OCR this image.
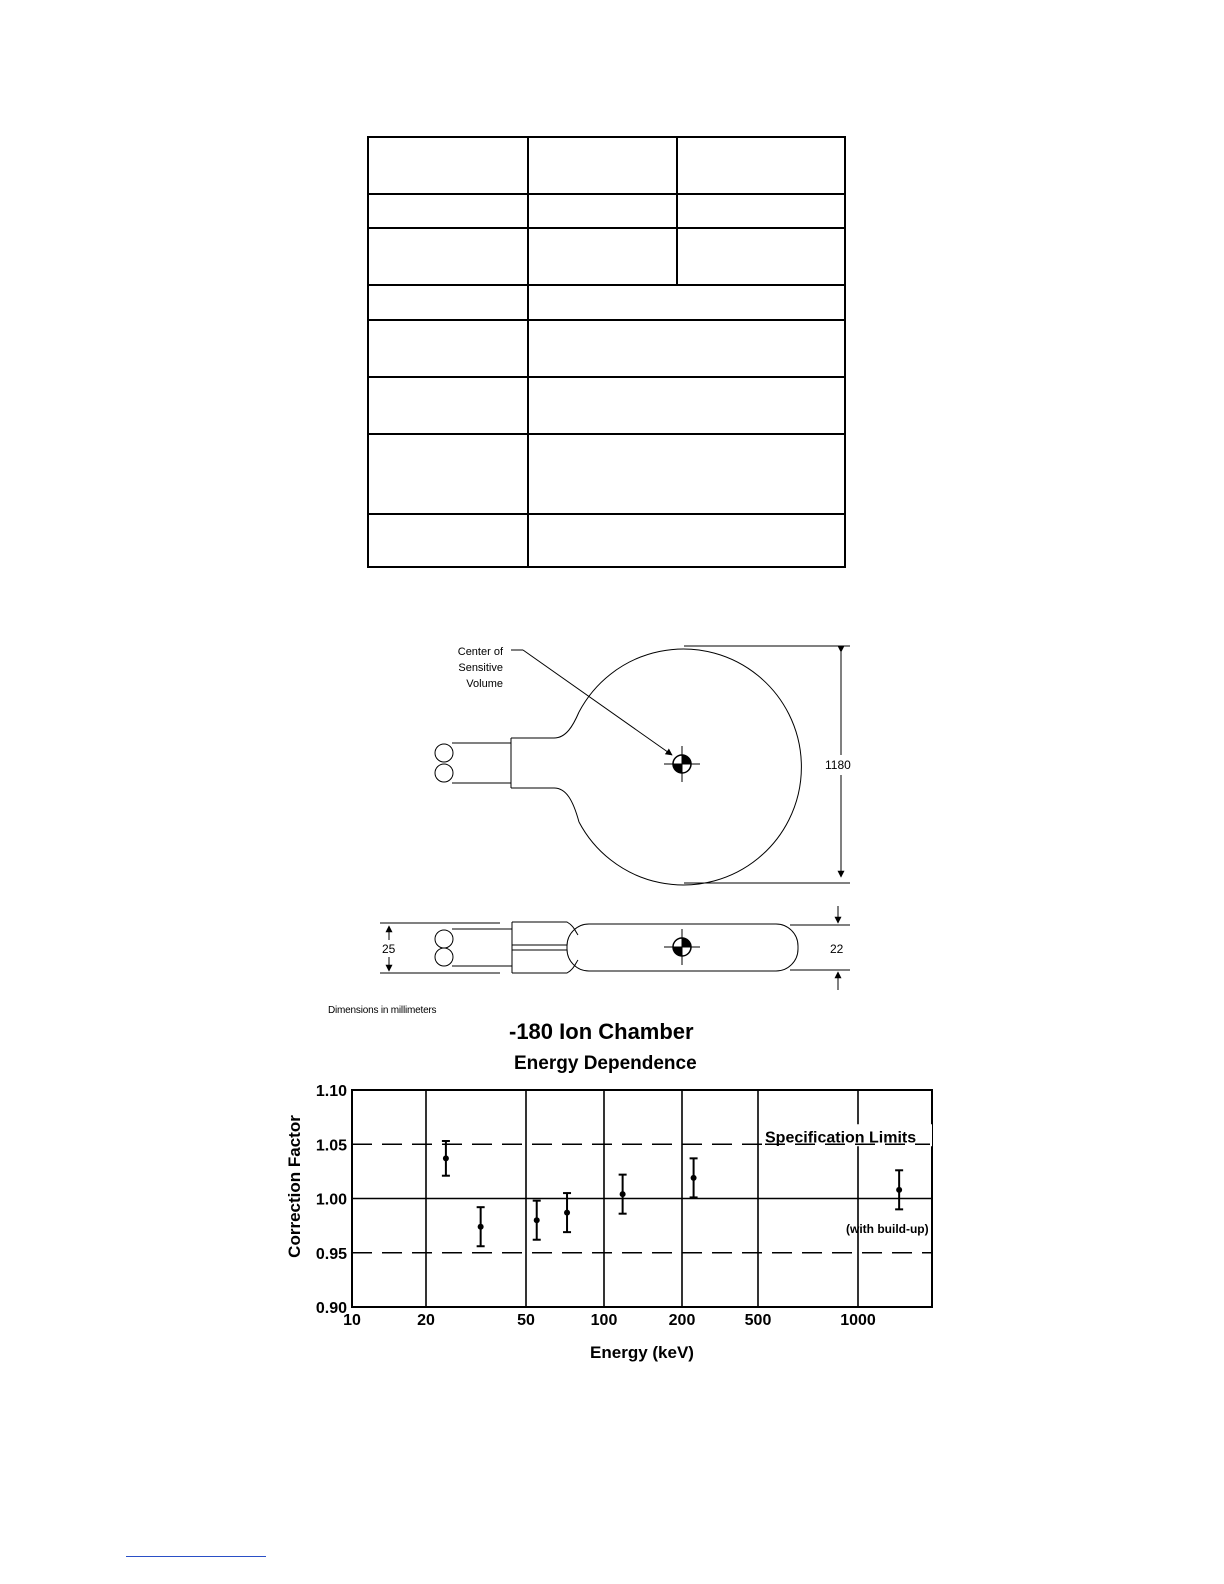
Center of
Sensitive
Volume
1180
25	22
10	20	50	100	200	500	1000
0.90
0.95
1.00
1.05
1.10
Specification Limits
(with build-up)
Energy (keV)
Correction Factor
Dimensions in millimeters
-180 Ion Chamber
Energy Dependence
